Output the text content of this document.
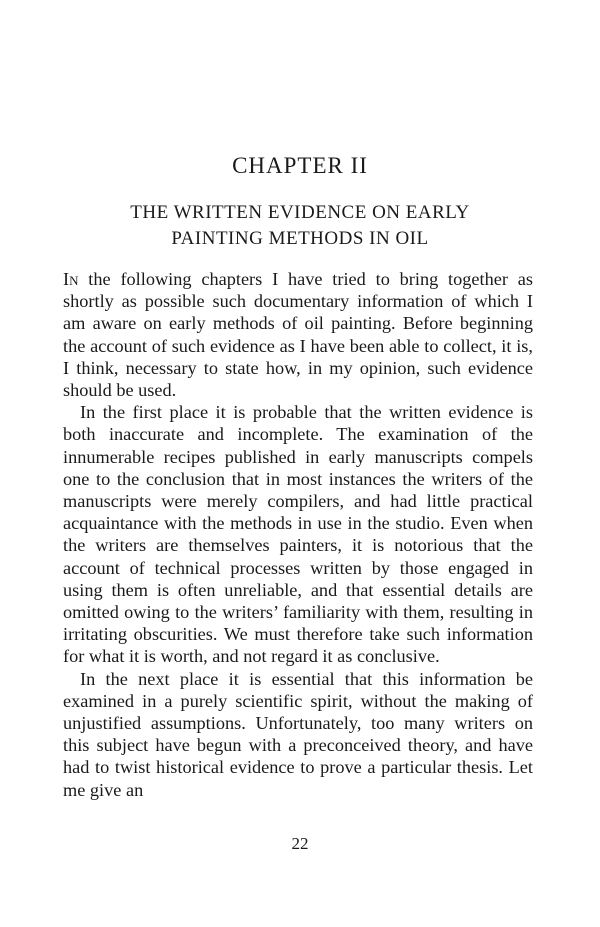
CHAPTER II
THE WRITTEN EVIDENCE ON EARLY
PAINTING METHODS IN OIL

In the following chapters I have tried to bring together as shortly as possible such documentary information of which I am aware on early methods of oil painting. Before beginning the account of such evidence as I have been able to collect, it is, I think, necessary to state how, in my opinion, such evidence should be used.

In the first place it is probable that the written evidence is both inaccurate and incomplete. The examination of the innumerable recipes published in early manuscripts compels one to the conclusion that in most instances the writers of the manuscripts were merely compilers, and had little practical acquaintance with the methods in use in the studio. Even when the writers are themselves painters, it is notorious that the account of technical processes written by those engaged in using them is often unreliable, and that essential details are omitted owing to the writers’ familiarity with them, resulting in irritating obscurities. We must therefore take such information for what it is worth, and not regard it as conclusive.

In the next place it is essential that this information be examined in a purely scientific spirit, without the making of unjustified assumptions. Unfortunately, too many writers on this subject have begun with a preconceived theory, and have had to twist historical evidence to prove a particular thesis. Let me give an

22
